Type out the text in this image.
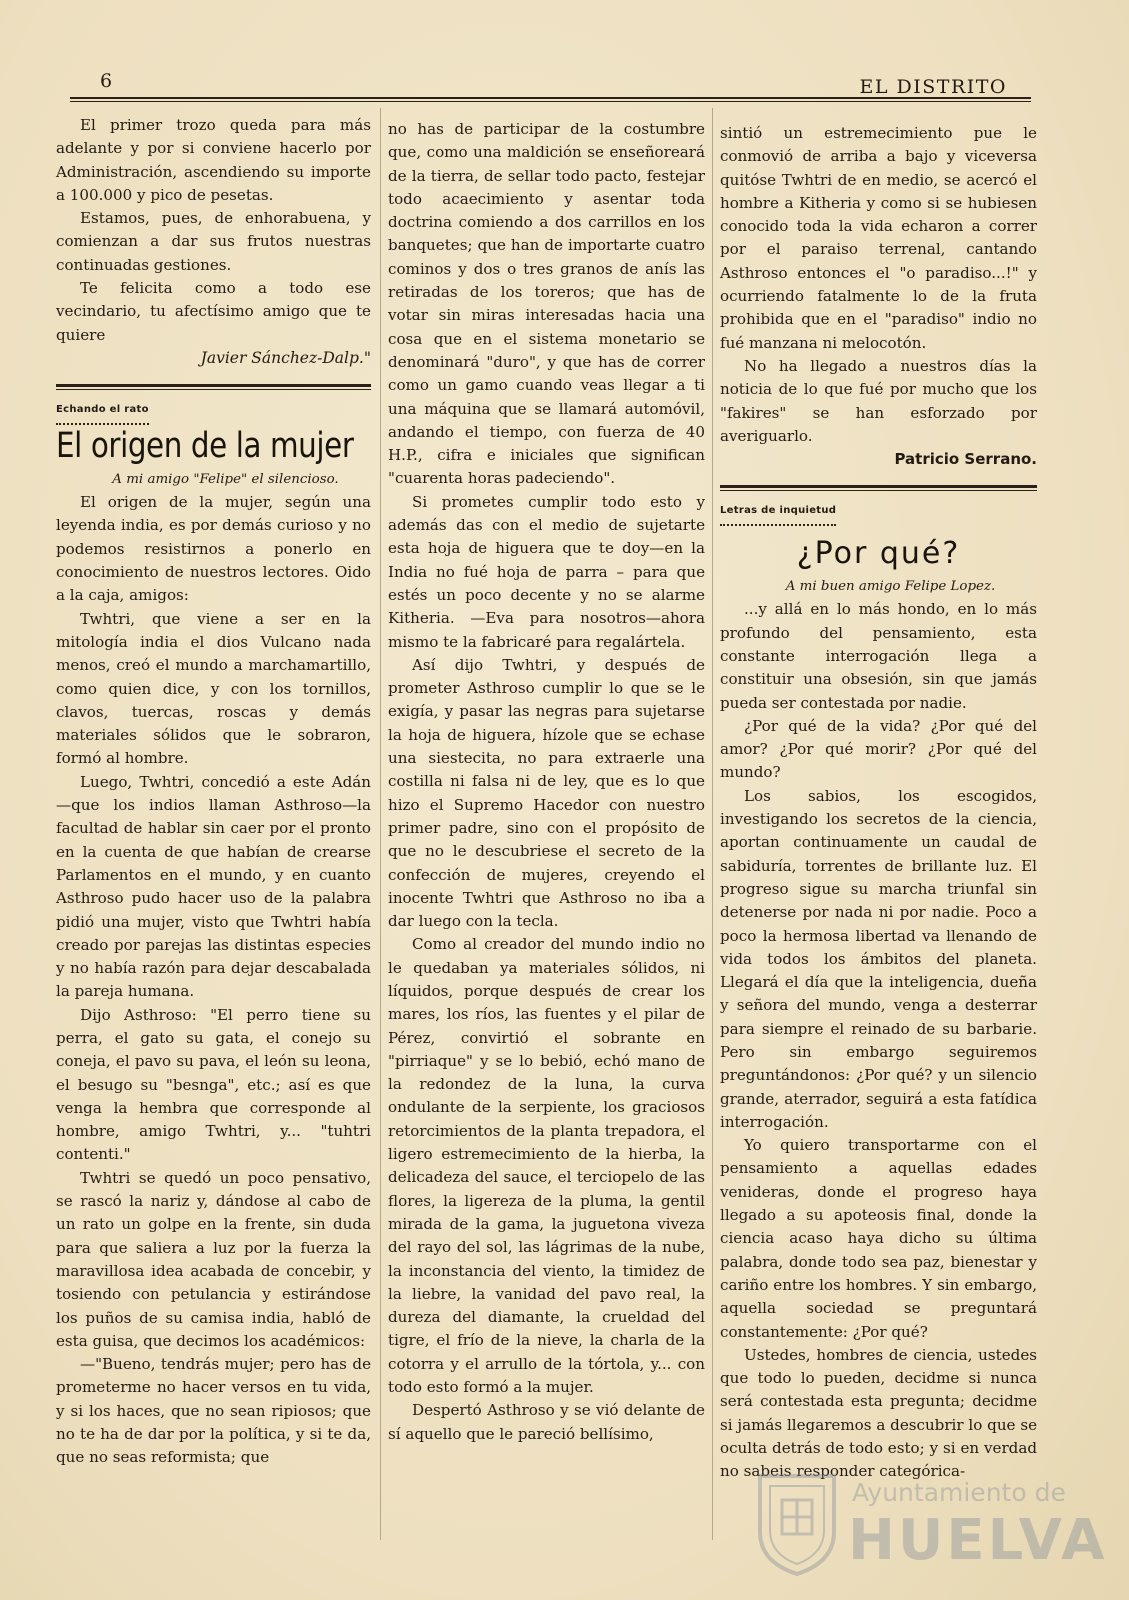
6	EL DISTRITO

El primer trozo queda para más adelante y por si conviene hacerlo por Administración, ascendiendo su importe a 100.000 y pico de pesetas.

Estamos, pues, de enhorabuena, y comienzan a dar sus frutos nuestras continuadas gestiones.

Te felicita como a todo ese vecindario, tu afectísimo amigo que te quiere

Javier Sánchez-Dalp."

Echando el rato
El origen de la mujer

A mi amigo "Felipe" el silencioso.

El origen de la mujer, según una leyenda india, es por demás curioso y no podemos resistirnos a ponerlo en conocimiento de nuestros lectores. Oido a la caja, amigos:

Twhtri, que viene a ser en la mitología india el dios Vulcano nada menos, creó el mundo a marchamartillo, como quien dice, y con los tornillos, clavos, tuercas, roscas y demás materiales sólidos que le sobraron, formó al hombre.

Luego, Twhtri, concedió a este Adán —que los indios llaman Asthroso—la facultad de hablar sin caer por el pronto en la cuenta de que habían de crearse Parlamentos en el mundo, y en cuanto Asthroso pudo hacer uso de la palabra pidió una mujer, visto que Twhtri había creado por parejas las distintas especies y no había razón para dejar descabalada la pareja humana.

Dijo Asthroso: "El perro tiene su perra, el gato su gata, el conejo su coneja, el pavo su pava, el león su leona, el besugo su "besnga", etc.; así es que venga la hembra que corresponde al hombre, amigo Twhtri, y... "tuhtri contenti."

Twhtri se quedó un poco pensativo, se rascó la nariz y, dándose al cabo de un rato un golpe en la frente, sin duda para que saliera a luz por la fuerza la maravillosa idea acabada de concebir, y tosiendo con petulancia y estirándose los puños de su camisa india, habló de esta guisa, que decimos los académicos:

—"Bueno, tendrás mujer; pero has de prometerme no hacer versos en tu vida, y si los haces, que no sean ripiosos; que no te ha de dar por la política, y si te da, que no seas reformista; que

no has de participar de la costumbre que, como una maldición se enseñoreará de la tierra, de sellar todo pacto, festejar todo acaecimiento y asentar toda doctrina comiendo a dos carrillos en los banquetes; que han de importarte cuatro cominos y dos o tres granos de anís las retiradas de los toreros; que has de votar sin miras interesadas hacia una cosa que en el sistema monetario se denominará "duro", y que has de correr como un gamo cuando veas llegar a ti una máquina que se llamará automóvil, andando el tiempo, con fuerza de 40 H.P., cifra e iniciales que significan "cuarenta horas padeciendo".

Si prometes cumplir todo esto y además das con el medio de sujetarte esta hoja de higuera que te doy—en la India no fué hoja de parra – para que estés un poco decente y no se alarme Kitheria. —Eva para nosotros—ahora mismo te la fabricaré para regalártela.

Así dijo Twhtri, y después de prometer Asthroso cumplir lo que se le exigía, y pasar las negras para sujetarse la hoja de higuera, hízole que se echase una siestecita, no para extraerle una costilla ni falsa ni de ley, que es lo que hizo el Supremo Hacedor con nuestro primer padre, sino con el propósito de que no le descubriese el secreto de la confección de mujeres, creyendo el inocente Twhtri que Asthroso no iba a dar luego con la tecla.

Como al creador del mundo indio no le quedaban ya materiales sólidos, ni líquidos, porque después de crear los mares, los ríos, las fuentes y el pilar de Pérez, convirtió el sobrante en "pirriaque" y se lo bebió, echó mano de la redondez de la luna, la curva ondulante de la serpiente, los graciosos retorcimientos de la planta trepadora, el ligero estremecimiento de la hierba, la delicadeza del sauce, el terciopelo de las flores, la ligereza de la pluma, la gentil mirada de la gama, la juguetona viveza del rayo del sol, las lágrimas de la nube, la inconstancia del viento, la timidez de la liebre, la vanidad del pavo real, la dureza del diamante, la crueldad del tigre, el frío de la nieve, la charla de la cotorra y el arrullo de la tórtola, y... con todo esto formó a la mujer.

Despertó Asthroso y se vió delante de sí aquello que le pareció bellísimo,

sintió un estremecimiento pue le conmovió de arriba a bajo y viceversa quitóse Twhtri de en medio, se acercó el hombre a Kitheria y como si se hubiesen conocido toda la vida echaron a correr por el paraiso terrenal, cantando Asthroso entonces el "o paradiso...!" y ocurriendo fatalmente lo de la fruta prohibida que en el "paradiso" indio no fué manzana ni melocotón.

No ha llegado a nuestros días la noticia de lo que fué por mucho que los "fakires" se han esforzado por averiguarlo.

Patricio Serrano.

Letras de inquietud
¿Por qué?

A mi buen amigo Felipe Lopez.

...y allá en lo más hondo, en lo más profundo del pensamiento, esta constante interrogación llega a constituir una obsesión, sin que jamás pueda ser contestada por nadie.

¿Por qué de la vida? ¿Por qué del amor? ¿Por qué morir? ¿Por qué del mundo?

Los sabios, los escogidos, investigando los secretos de la ciencia, aportan continuamente un caudal de sabiduría, torrentes de brillante luz. El progreso sigue su marcha triunfal sin detenerse por nada ni por nadie. Poco a poco la hermosa libertad va llenando de vida todos los ámbitos del planeta. Llegará el día que la inteligencia, dueña y señora del mundo, venga a desterrar para siempre el reinado de su barbarie. Pero sin embargo seguiremos preguntándonos: ¿Por qué? y un silencio grande, aterrador, seguirá a esta fatídica interrogación.

Yo quiero transportarme con el pensamiento a aquellas edades venideras, donde el progreso haya llegado a su apoteosis final, donde la ciencia acaso haya dicho su última palabra, donde todo sea paz, bienestar y cariño entre los hombres. Y sin embargo, aquella sociedad se preguntará constantemente: ¿Por qué?

Ustedes, hombres de ciencia, ustedes que todo lo pueden, decidme si nunca será contestada esta pregunta; decidme si jamás llegaremos a descubrir lo que se oculta detrás de todo esto; y si en verdad no sabeis responder categórica-

Ayuntamiento de
HUELVA
